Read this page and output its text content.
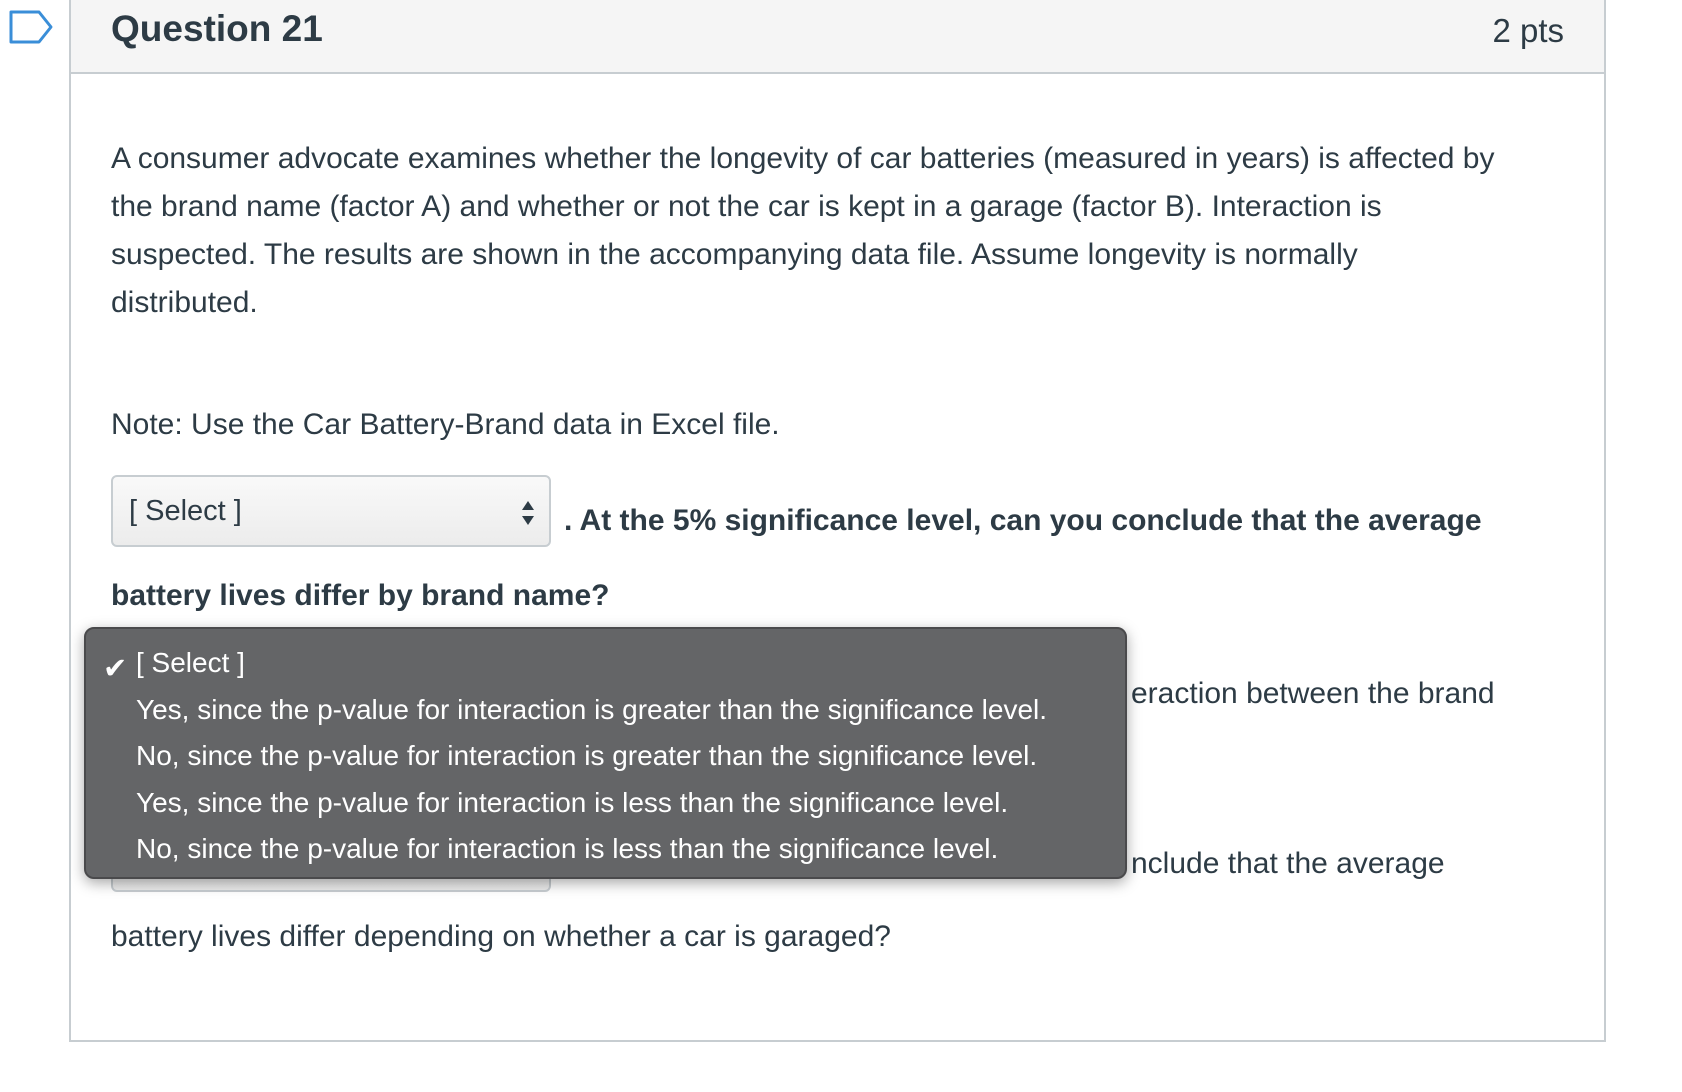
Question 21	2 pts
A consumer advocate examines whether the longevity of car batteries (measured in years) is affected by
the brand name (factor A) and whether or not the car is kept in a garage (factor B). Interaction is
suspected. The results are shown in the accompanying data file. Assume longevity is normally
distributed.
Note: Use the Car Battery-Brand data in Excel file.
[ Select ]	. At the 5% significance level, can you conclude that the average
battery lives differ by brand name?
eraction between the brand
nclude that the average
battery lives differ depending on whether a car is garaged?
✔ [ Select ]
Yes, since the p-value for interaction is greater than the significance level.
No, since the p-value for interaction is greater than the significance level.
Yes, since the p-value for interaction is less than the significance level.
No, since the p-value for interaction is less than the significance level.
